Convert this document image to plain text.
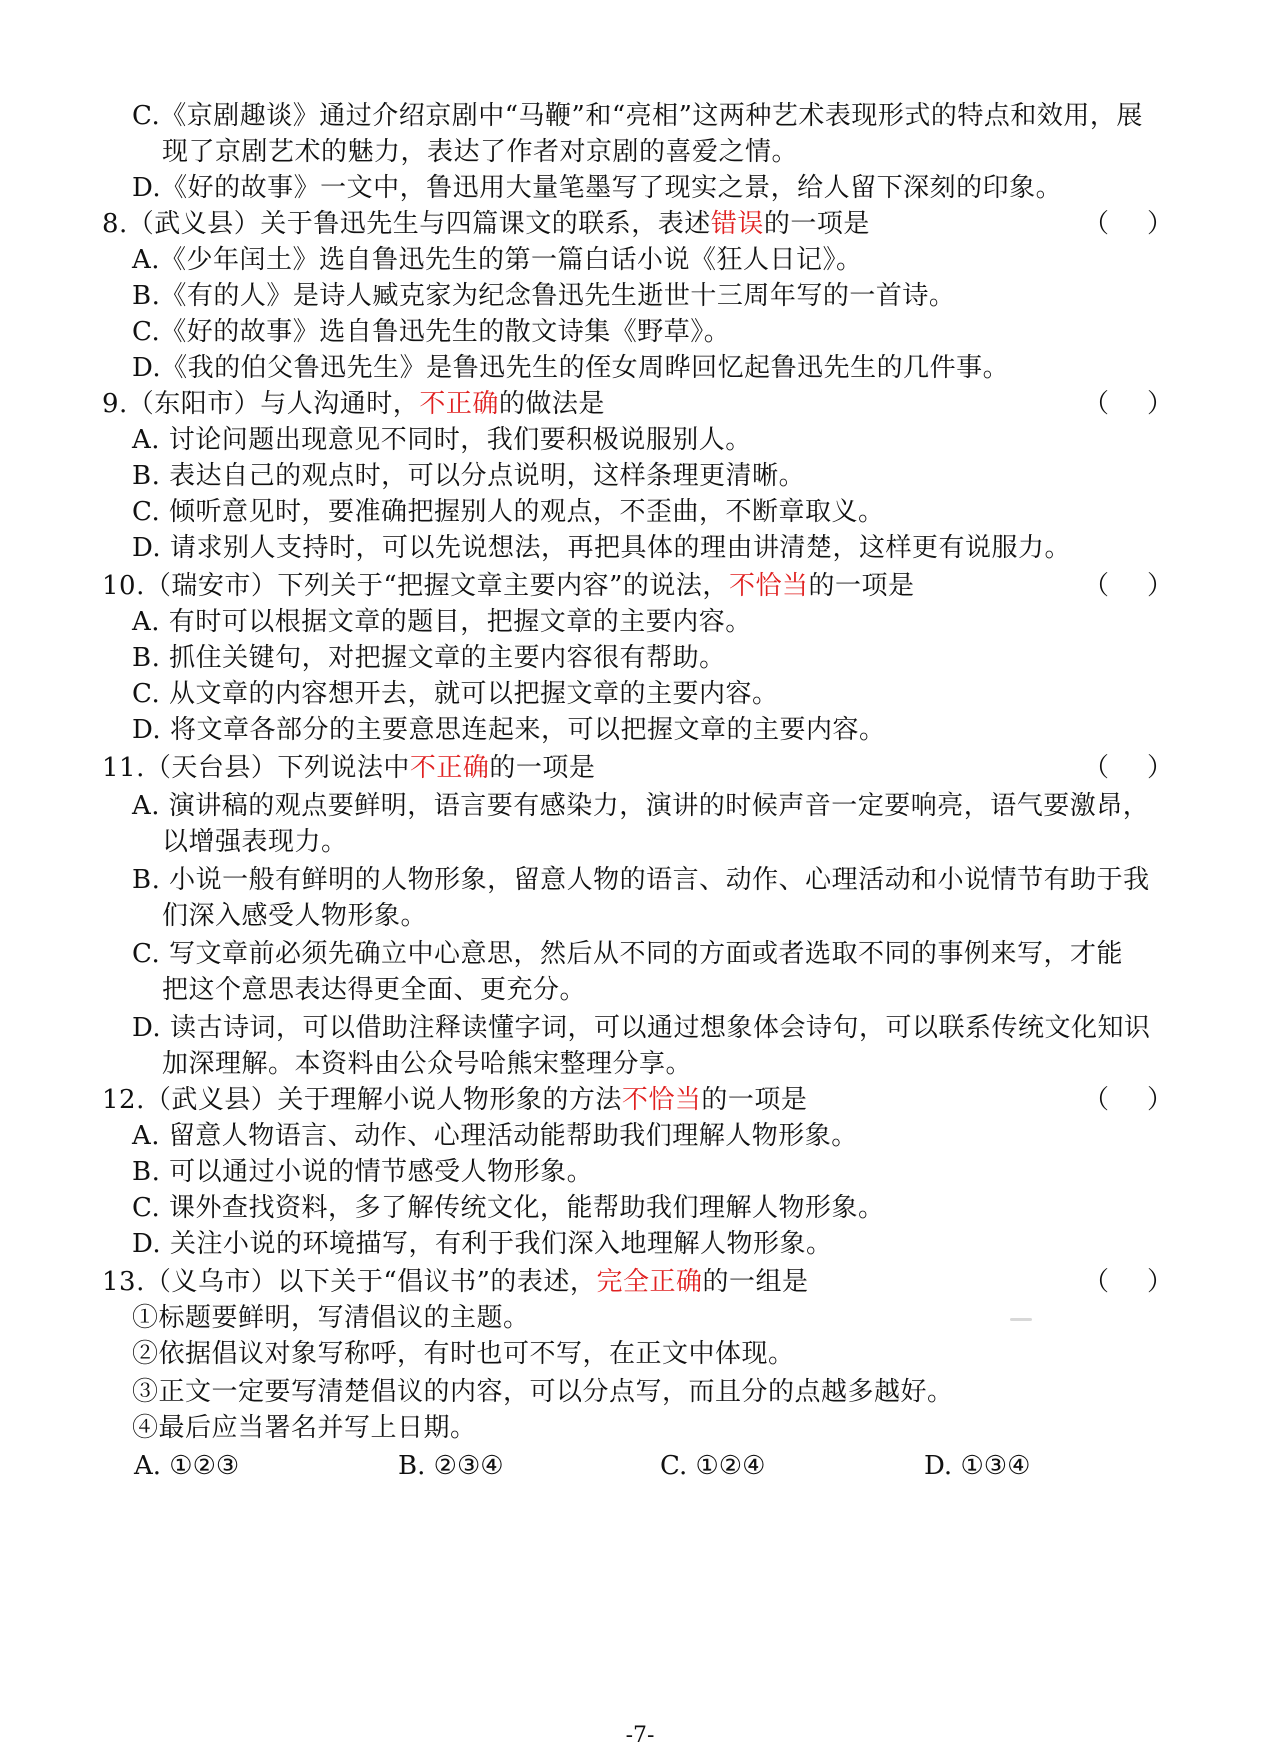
C.《京剧趣谈》通过介绍京剧中“马鞭”和“亮相”这两种艺术表现形式的特点和效用，展
现了京剧艺术的魅力，表达了作者对京剧的喜爱之情。
D.《好的故事》一文中，鲁迅用大量笔墨写了现实之景，给人留下深刻的印象。
8.（武义县）关于鲁迅先生与四篇课文的联系，表述错误的一项是	（ ）
A.《少年闰土》选自鲁迅先生的第一篇白话小说《狂人日记》。
B.《有的人》是诗人臧克家为纪念鲁迅先生逝世十三周年写的一首诗。
C.《好的故事》选自鲁迅先生的散文诗集《野草》。
D.《我的伯父鲁迅先生》是鲁迅先生的侄女周晔回忆起鲁迅先生的几件事。
9.（东阳市）与人沟通时，不正确的做法是	（ ）
A. 讨论问题出现意见不同时，我们要积极说服别人。
B. 表达自己的观点时，可以分点说明，这样条理更清晰。
C. 倾听意见时，要准确把握别人的观点，不歪曲，不断章取义。
D. 请求别人支持时，可以先说想法，再把具体的理由讲清楚，这样更有说服力。
10.（瑞安市）下列关于“把握文章主要内容”的说法，不恰当的一项是	（ ）
A. 有时可以根据文章的题目，把握文章的主要内容。
B. 抓住关键句，对把握文章的主要内容很有帮助。
C. 从文章的内容想开去，就可以把握文章的主要内容。
D. 将文章各部分的主要意思连起来，可以把握文章的主要内容。
11.（天台县）下列说法中不正确的一项是	（ ）
A. 演讲稿的观点要鲜明，语言要有感染力，演讲的时候声音一定要响亮，语气要激昂，
以增强表现力。
B. 小说一般有鲜明的人物形象，留意人物的语言、动作、心理活动和小说情节有助于我
们深入感受人物形象。
C. 写文章前必须先确立中心意思，然后从不同的方面或者选取不同的事例来写，才能
把这个意思表达得更全面、更充分。
D. 读古诗词，可以借助注释读懂字词，可以通过想象体会诗句，可以联系传统文化知识
加深理解。本资料由公众号哈熊宋整理分享。
12.（武义县）关于理解小说人物形象的方法不恰当的一项是	（ ）
A. 留意人物语言、动作、心理活动能帮助我们理解人物形象。
B. 可以通过小说的情节感受人物形象。
C. 课外查找资料，多了解传统文化，能帮助我们理解人物形象。
D. 关注小说的环境描写，有利于我们深入地理解人物形象。
13.（义乌市）以下关于“倡议书”的表述，完全正确的一组是	（ ）
①标题要鲜明，写清倡议的主题。
②依据倡议对象写称呼，有时也可不写，在正文中体现。
③正文一定要写清楚倡议的内容，可以分点写，而且分的点越多越好。
④最后应当署名并写上日期。
A. ①②③	B. ②③④	C. ①②④	D. ①③④
-7-
